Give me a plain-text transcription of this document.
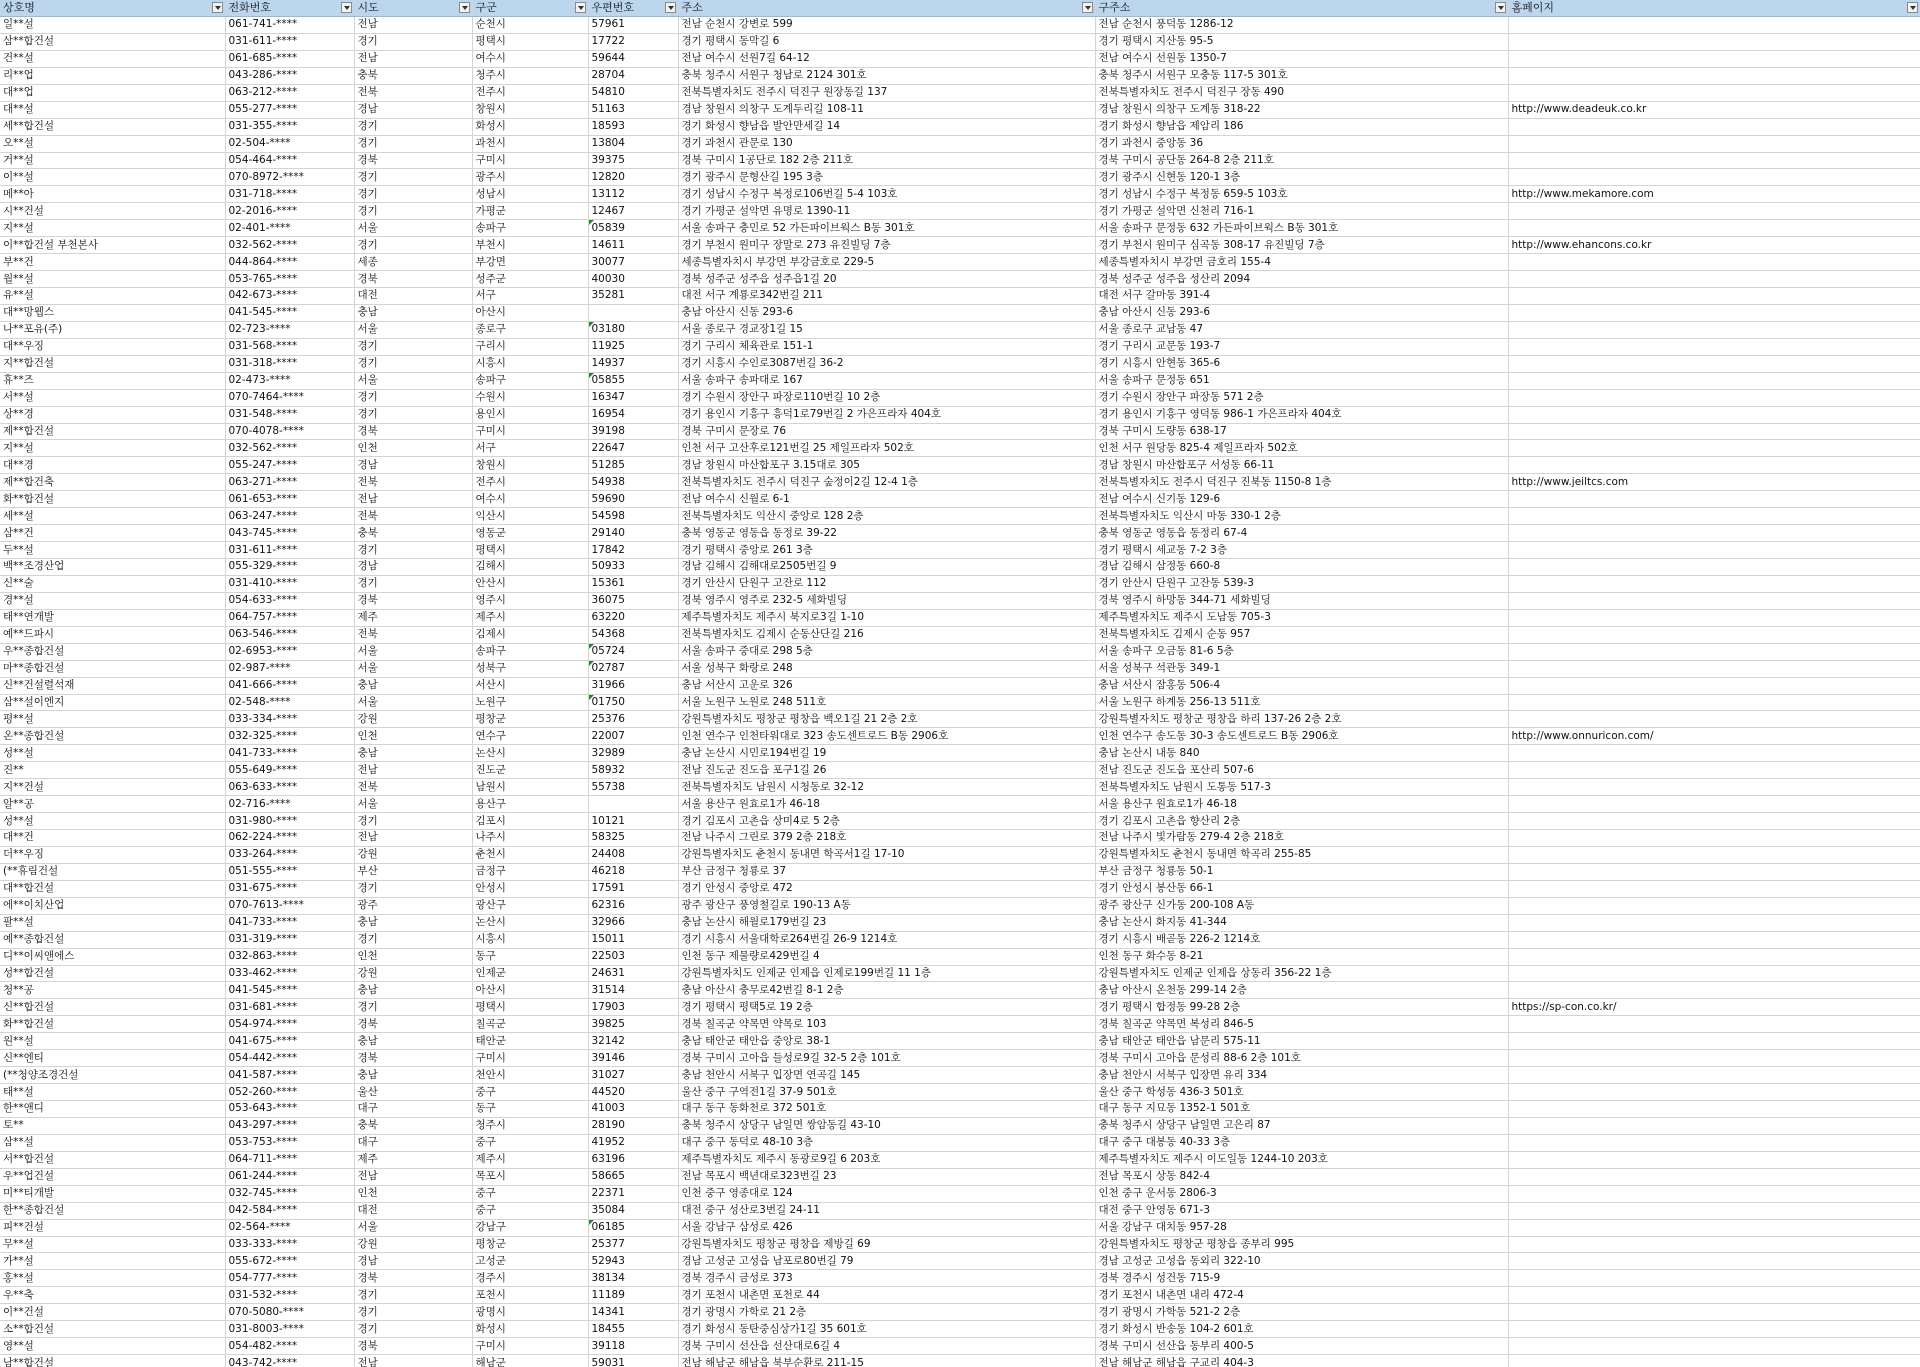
상호명	전화번호	시도	구군	우편번호	주소	구주소	홈페이지

일**설	061-741-****	전남	순천시	57961	전남 순천시 강변로 599	전남 순천시 풍덕동 1286-12	
삼**합건설	031-611-****	경기	평택시	17722	경기 평택시 동막길 6	경기 평택시 지산동 95-5	
건**설	061-685-****	전남	여수시	59644	전남 여수시 선원7길 64-12	전남 여수시 선원동 1350-7	
리**업	043-286-****	충북	청주시	28704	충북 청주시 서원구 청남로 2124 301호	충북 청주시 서원구 모충동 117-5 301호	
대**업	063-212-****	전북	전주시	54810	전북특별자치도 전주시 덕진구 원장동길 137	전북특별자치도 전주시 덕진구 장동 490	
대**설	055-277-****	경남	창원시	51163	경남 창원시 의창구 도계두리길 108-11	경남 창원시 의창구 도계동 318-22	http://www.deadeuk.co.kr
세**합건설	031-355-****	경기	화성시	18593	경기 화성시 향남읍 발안만세길 14	경기 화성시 향남읍 제암리 186	
오**설	02-504-****	경기	과천시	13804	경기 과천시 관문로 130	경기 과천시 중앙동 36	
거**설	054-464-****	경북	구미시	39375	경북 구미시 1공단로 182 2층 211호	경북 구미시 공단동 264-8 2층 211호	
이**설	070-8972-****	경기	광주시	12820	경기 광주시 문형산길 195 3층	경기 광주시 신현동 120-1 3층	
메**아	031-718-****	경기	성남시	13112	경기 성남시 수정구 복정로106번길 5-4 103호	경기 성남시 수정구 복정동 659-5 103호	http://www.mekamore.com
시**건설	02-2016-****	경기	가평군	12467	경기 가평군 설악면 유명로 1390-11	경기 가평군 설악면 신천리 716-1	
지**설	02-401-****	서울	송파구	05839	서울 송파구 충민로 52 가든파이브웍스 B동 301호	서울 송파구 문정동 632 가든파이브웍스 B동 301호	
이**합건설 부천본사	032-562-****	경기	부천시	14611	경기 부천시 원미구 장말로 273 유진빌딩 7층	경기 부천시 원미구 심곡동 308-17 유진빌딩 7층	http://www.ehancons.co.kr
부**건	044-864-****	세종	부강면	30077	세종특별자치시 부강면 부강금호로 229-5	세종특별자치시 부강면 금호리 155-4	
월**설	053-765-****	경북	성주군	40030	경북 성주군 성주읍 성주읍1길 20	경북 성주군 성주읍 성산리 2094	
유**설	042-673-****	대전	서구	35281	대전 서구 계룡로342번길 211	대전 서구 갈마동 391-4	
대**망웹스	041-545-****	충남	아산시		충남 아산시 신동 293-6	충남 아산시 신동 293-6	
나**포유(주)	02-723-****	서울	종로구	03180	서울 종로구 경교장1길 15	서울 종로구 교남동 47	
대**우징	031-568-****	경기	구리시	11925	경기 구리시 체육관로 151-1	경기 구리시 교문동 193-7	
지**합건설	031-318-****	경기	시흥시	14937	경기 시흥시 수인로3087번길 36-2	경기 시흥시 안현동 365-6	
휴**즈	02-473-****	서울	송파구	05855	서울 송파구 송파대로 167	서울 송파구 문정동 651	
서**설	070-7464-****	경기	수원시	16347	경기 수원시 장안구 파장로110번길 10 2층	경기 수원시 장안구 파장동 571 2층	
상**경	031-548-****	경기	용인시	16954	경기 용인시 기흥구 흥덕1로79번길 2 가은프라자 404호	경기 용인시 기흥구 영덕동 986-1 가은프라자 404호	
제**합건설	070-4078-****	경북	구미시	39198	경북 구미시 문장로 76	경북 구미시 도량동 638-17	
지**설	032-562-****	인천	서구	22647	인천 서구 고산후로121번길 25 제일프라자 502호	인천 서구 원당동 825-4 제일프라자 502호	
대**경	055-247-****	경남	창원시	51285	경남 창원시 마산합포구 3.15대로 305	경남 창원시 마산합포구 서성동 66-11	
제**합건축	063-271-****	전북	전주시	54938	전북특별자치도 전주시 덕진구 숲정이2길 12-4 1층	전북특별자치도 전주시 덕진구 진북동 1150-8 1층	http://www.jeiltcs.com
화**합건설	061-653-****	전남	여수시	59690	전남 여수시 신월로 6-1	전남 여수시 신기동 129-6	
세**설	063-247-****	전북	익산시	54598	전북특별자치도 익산시 중앙로 128 2층	전북특별자치도 익산시 마동 330-1 2층	
삼**건	043-745-****	충북	영동군	29140	충북 영동군 영동읍 동정로 39-22	충북 영동군 영동읍 동정리 67-4	
두**설	031-611-****	경기	평택시	17842	경기 평택시 중앙로 261 3층	경기 평택시 세교동 7-2 3층	
백**조경산업	055-329-****	경남	김해시	50933	경남 김해시 김해대로2505번길 9	경남 김해시 삼정동 660-8	
신**술	031-410-****	경기	안산시	15361	경기 안산시 단원구 고잔로 112	경기 안산시 단원구 고잔동 539-3	
경**설	054-633-****	경북	영주시	36075	경북 영주시 영주로 232-5 세화빌딩	경북 영주시 하망동 344-71 세화빌딩	
태**연개발	064-757-****	제주	제주시	63220	제주특별자치도 제주시 북지로3길 1-10	제주특별자치도 제주시 도남동 705-3	
예**드파시	063-546-****	전북	김제시	54368	전북특별자치도 김제시 순동산단길 216	전북특별자치도 김제시 순동 957	
우**종합건설	02-6953-****	서울	송파구	05724	서울 송파구 중대로 298 5층	서울 송파구 오금동 81-6 5층	
마**종합건설	02-987-****	서울	성북구	02787	서울 성북구 화랑로 248	서울 성북구 석관동 349-1	
신**건설렬석재	041-666-****	충남	서산시	31966	충남 서산시 고운로 326	충남 서산시 잠홍동 506-4	
삼**설이엔지	02-548-****	서울	노원구	01750	서울 노원구 노원로 248 511호	서울 노원구 하계동 256-13 511호	
평**설	033-334-****	강원	평창군	25376	강원특별자치도 평창군 평창읍 백오1길 21 2층 2호	강원특별자치도 평창군 평창읍 하리 137-26 2층 2호	
온**종합건설	032-325-****	인천	연수구	22007	인천 연수구 인천타워대로 323 송도센트로드 B동 2906호	인천 연수구 송도동 30-3 송도센트로드 B동 2906호	http://www.onnuricon.com/
성**설	041-733-****	충남	논산시	32989	충남 논산시 시민로194번길 19	충남 논산시 내동 840	
진**	055-649-****	전남	진도군	58932	전남 진도군 진도읍 포구1길 26	전남 진도군 진도읍 포산리 507-6	
지**건설	063-633-****	전북	남원시	55738	전북특별자치도 남원시 시청동로 32-12	전북특별자치도 남원시 도통동 517-3	
알**공	02-716-****	서울	용산구		서울 용산구 원효로1가 46-18	서울 용산구 원효로1가 46-18	
성**설	031-980-****	경기	김포시	10121	경기 김포시 고촌읍 상미4로 5 2층	경기 김포시 고촌읍 향산리 2층	
대**건	062-224-****	전남	나주시	58325	전남 나주시 그린로 379 2층 218호	전남 나주시 빛가람동 279-4 2층 218호	
더**우징	033-264-****	강원	춘천시	24408	강원특별자치도 춘천시 동내면 학곡서1길 17-10	강원특별자치도 춘천시 동내면 학곡리 255-85	
(**휴림건설	051-555-****	부산	금정구	46218	부산 금정구 청룡로 37	부산 금정구 청룡동 50-1	
대**합건설	031-675-****	경기	안성시	17591	경기 안성시 중앙로 472	경기 안성시 봉산동 66-1	
에**이치산업	070-7613-****	광주	광산구	62316	광주 광산구 풍영철길로 190-13 A동	광주 광산구 신가동 200-108 A동	
팔**설	041-733-****	충남	논산시	32966	충남 논산시 해월로179번길 23	충남 논산시 화지동 41-344	
예**종합건설	031-319-****	경기	시흥시	15011	경기 시흥시 서울대학로264번길 26-9 1214호	경기 시흥시 배곧동 226-2 1214호	
디**이씨앤에스	032-863-****	인천	동구	22503	인천 동구 제물량로429번길 4	인천 동구 화수동 8-21	
성**합건설	033-462-****	강원	인제군	24631	강원특별자치도 인제군 인제읍 인제로199번길 11 1층	강원특별자치도 인제군 인제읍 상동리 356-22 1층	
청**공	041-545-****	충남	아산시	31514	충남 아산시 충무로42번길 8-1 2층	충남 아산시 온천동 299-14 2층	
신**합건설	031-681-****	경기	평택시	17903	경기 평택시 평택5로 19 2층	경기 평택시 합정동 99-28 2층	https://sp-con.co.kr/
화**합건설	054-974-****	경북	칠곡군	39825	경북 칠곡군 약목면 약목로 103	경북 칠곡군 약목면 복성리 846-5	
원**설	041-675-****	충남	태안군	32142	충남 태안군 태안읍 중앙로 38-1	충남 태안군 태안읍 남문리 575-11	
신**엔티	054-442-****	경북	구미시	39146	경북 구미시 고아읍 들성로9길 32-5 2층 101호	경북 구미시 고아읍 문성리 88-6 2층 101호	
(**청양조경건설	041-587-****	충남	천안시	31027	충남 천안시 서북구 입장면 연곡길 145	충남 천안시 서북구 입장면 유리 334	
태**설	052-260-****	울산	중구	44520	울산 중구 구역전1길 37-9 501호	울산 중구 학성동 436-3 501호	
한**앤디	053-643-****	대구	동구	41003	대구 동구 동화천로 372 501호	대구 동구 지묘동 1352-1 501호	
토**	043-297-****	충북	청주시	28190	충북 청주시 상당구 남일면 쌍암동길 43-10	충북 청주시 상당구 남일면 고은리 87	
삼**설	053-753-****	대구	중구	41952	대구 중구 동덕로 48-10 3층	대구 중구 대봉동 40-33 3층	
서**합건설	064-711-****	제주	제주시	63196	제주특별자치도 제주시 동광로9길 6 203호	제주특별자치도 제주시 이도일동 1244-10 203호	
우**업건설	061-244-****	전남	목포시	58665	전남 목포시 백년대로323번길 23	전남 목포시 상동 842-4	
미**티개발	032-745-****	인천	중구	22371	인천 중구 영종대로 124	인천 중구 운서동 2806-3	
한**종합건설	042-584-****	대전	중구	35084	대전 중구 성산로3번길 24-11	대전 중구 안영동 671-3	
피**건설	02-564-****	서울	강남구	06185	서울 강남구 삼성로 426	서울 강남구 대치동 957-28	
무**설	033-333-****	강원	평창군	25377	강원특별자치도 평창군 평창읍 제방길 69	강원특별자치도 평창군 평창읍 종부리 995	
가**설	055-672-****	경남	고성군	52943	경남 고성군 고성읍 남포로80번길 79	경남 고성군 고성읍 동외리 322-10	
홍**설	054-777-****	경북	경주시	38134	경북 경주시 금성로 373	경북 경주시 성건동 715-9	
우**축	031-532-****	경기	포천시	11189	경기 포천시 내촌면 포천로 44	경기 포천시 내촌면 내리 472-4	
이**건설	070-5080-****	경기	광명시	14341	경기 광명시 가학로 21 2층	경기 광명시 가학동 521-2 2층	
소**합건설	031-8003-****	경기	화성시	18455	경기 화성시 동탄중심상가1길 35 601호	경기 화성시 반송동 104-2 601호	
영**설	054-482-****	경북	구미시	39118	경북 구미시 선산읍 선산대로6길 4	경북 구미시 선산읍 동부리 400-5	
남**합건설	043-742-****	전남	해남군	59031	전남 해남군 해남읍 북부순환로 211-15	전남 해남군 해남읍 구교리 404-3	
